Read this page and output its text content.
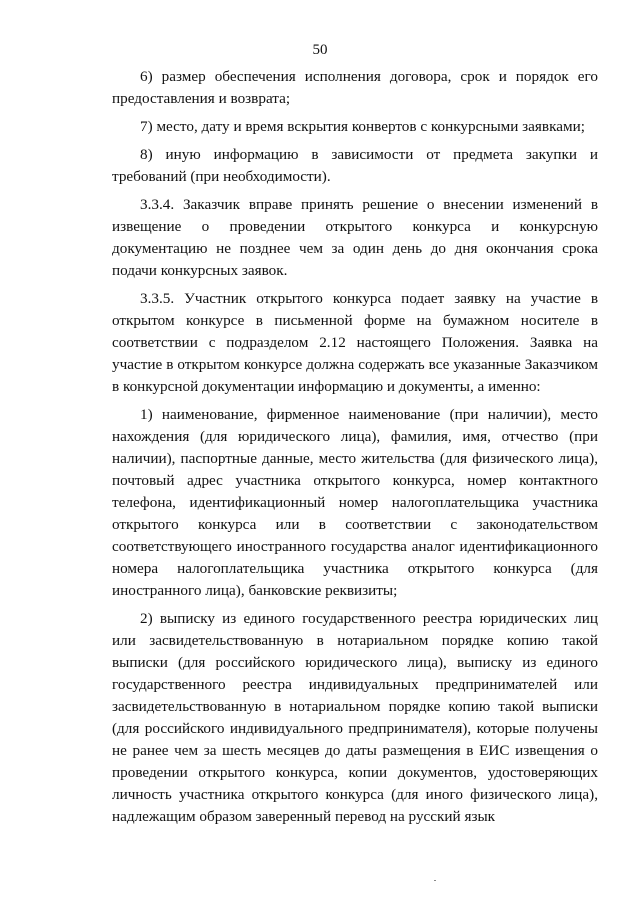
50

6) размер обеспечения исполнения договора, срок и порядок его предоставления и возврата;

7) место, дату и время вскрытия конвертов с конкурсными заявками;

8) иную информацию в зависимости от предмета закупки и требований (при необходимости).

3.3.4. Заказчик вправе принять решение о внесении изменений в извещение о проведении открытого конкурса и конкурсную документацию не позднее чем за один день до дня окончания срока подачи конкурсных заявок.

3.3.5. Участник открытого конкурса подает заявку на участие в открытом конкурсе в письменной форме на бумажном носителе в соответствии с подразделом 2.12 настоящего Положения. Заявка на участие в открытом конкурсе должна содержать все указанные Заказчиком в конкурсной документации информацию и документы, а именно:

1) наименование, фирменное наименование (при наличии), место нахождения (для юридического лица), фамилия, имя, отчество (при наличии), паспортные данные, место жительства (для физического лица), почтовый адрес участника открытого конкурса, номер контактного телефона, идентификационный номер налогоплательщика участника открытого конкурса или в соответствии с законодательством соответствующего иностранного государства аналог идентификационного номера налогоплательщика участника открытого конкурса (для иностранного лица), банковские реквизиты;

2) выписку из единого государственного реестра юридических лиц или засвидетельствованную в нотариальном порядке копию такой выписки (для российского юридического лица), выписку из единого государственного реестра индивидуальных предпринимателей или засвидетельствованную в нотариальном порядке копию такой выписки (для российского индивидуального предпринимателя), которые получены не ранее чем за шесть месяцев до даты размещения в ЕИС извещения о проведении открытого конкурса, копии документов, удостоверяющих личность участника открытого конкурса (для иного физического лица), надлежащим образом заверенный перевод на русский язык
